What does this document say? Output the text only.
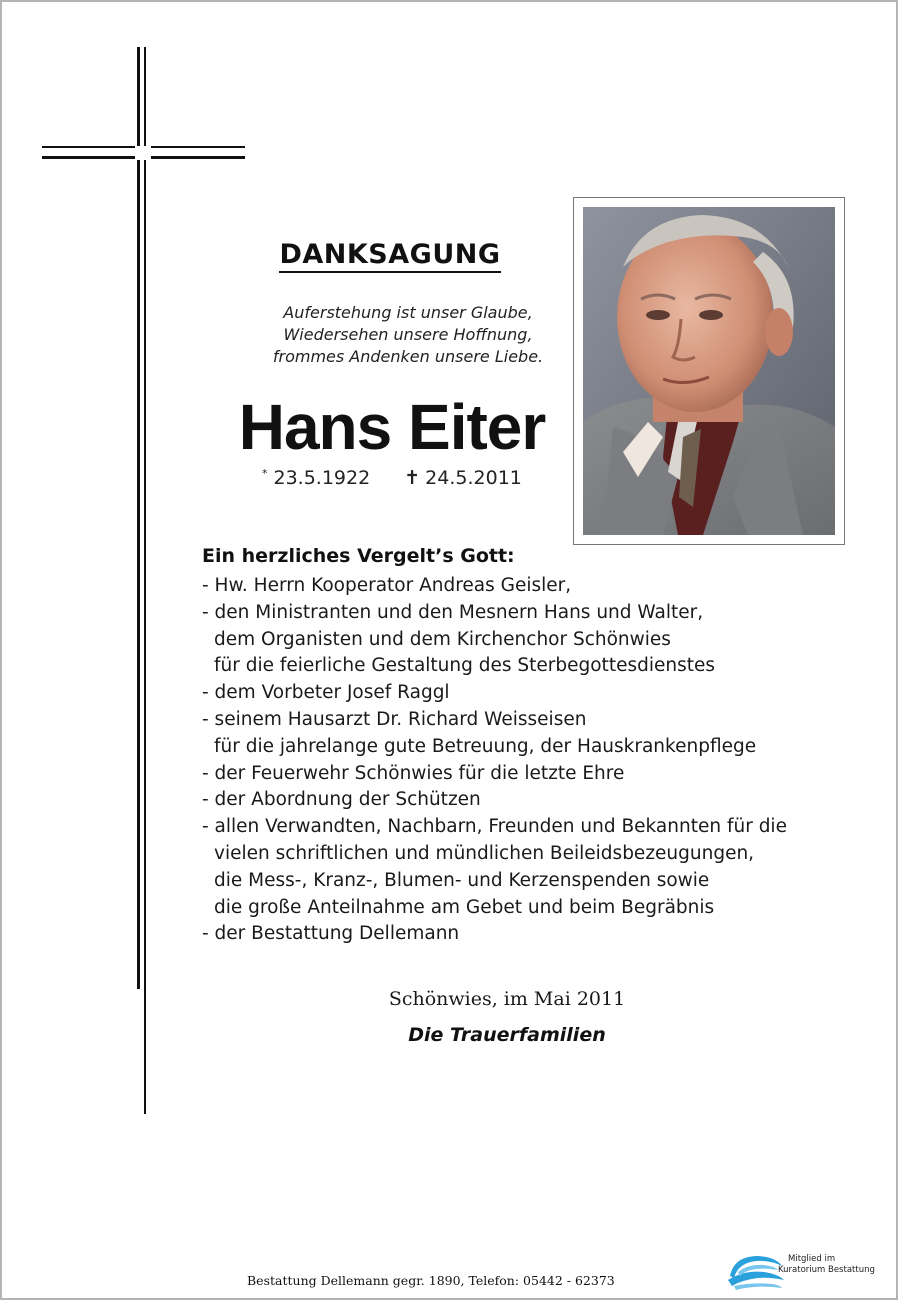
DANKSAGUNG
Auferstehung ist unser Glaube,
Wiedersehen unsere Hoffnung,
frommes Andenken unsere Liebe.
Hans Eiter
* 23.5.1922 ✝ 24.5.2011
Ein herzliches Vergelt’s Gott:
- Hw. Herrn Kooperator Andreas Geisler,
- den Ministranten und den Mesnern Hans und Walter,
dem Organisten und dem Kirchenchor Schönwies
für die feierliche Gestaltung des Sterbegottesdienstes
- dem Vorbeter Josef Raggl
- seinem Hausarzt Dr. Richard Weisseisen
für die jahrelange gute Betreuung, der Hauskrankenpflege
- der Feuerwehr Schönwies für die letzte Ehre
- der Abordnung der Schützen
- allen Verwandten, Nachbarn, Freunden und Bekannten für die
vielen schriftlichen und mündlichen Beileidsbezeugungen,
die Mess-, Kranz-, Blumen- und Kerzenspenden sowie
die große Anteilnahme am Gebet und beim Begräbnis
- der Bestattung Dellemann
Schönwies, im Mai 2011
Die Trauerfamilien
Bestattung Dellemann gegr. 1890, Telefon: 05442 - 62373
Mitglied im
Kuratorium Bestattung
